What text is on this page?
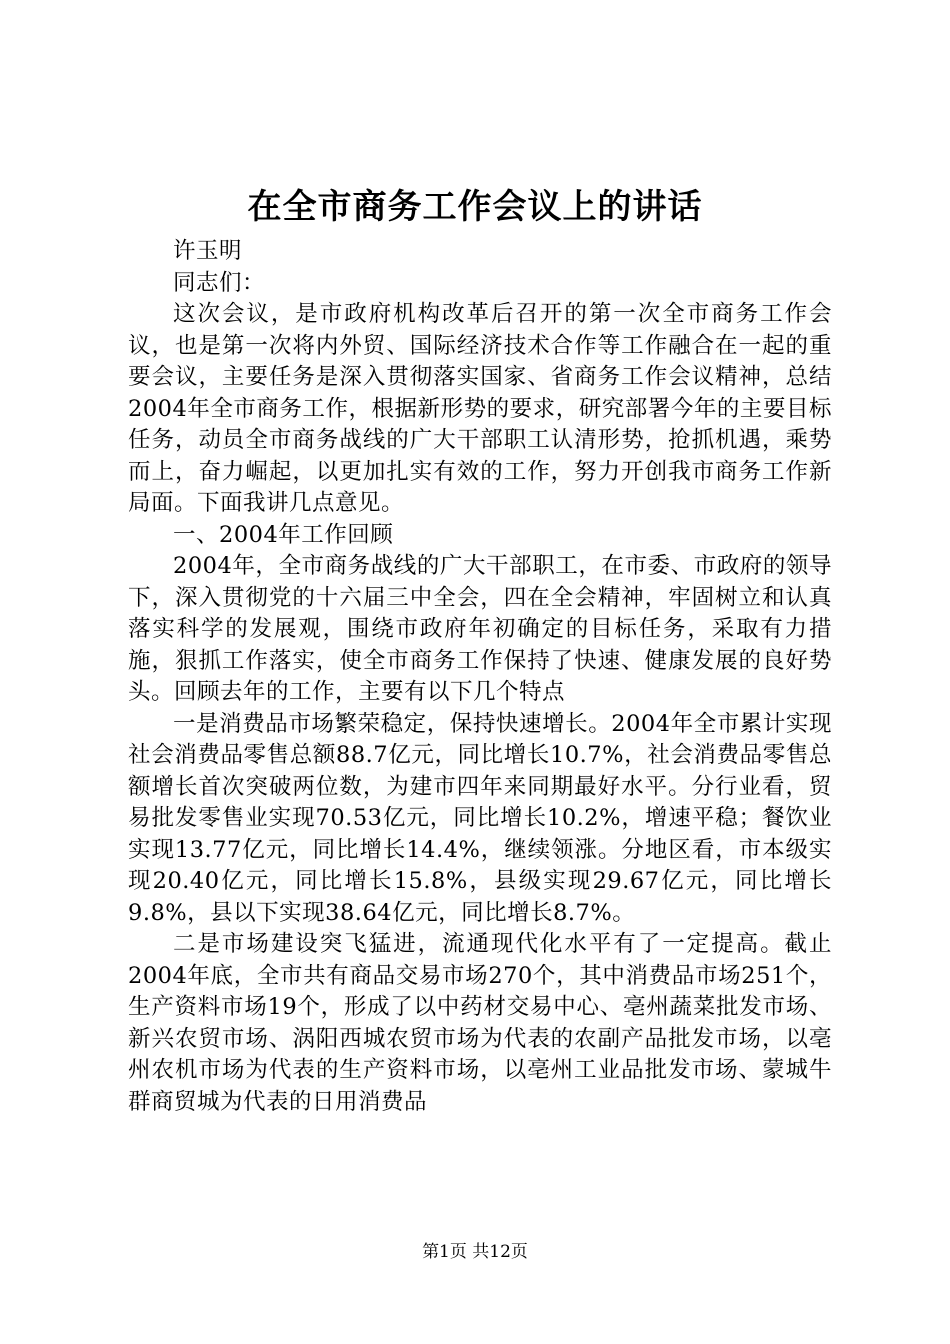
在全市商务工作会议上的讲话

许玉明

同志们：

这次会议，是市政府机构改革后召开的第一次全市商务工作会议，也是第一次将内外贸、国际经济技术合作等工作融合在一起的重要会议，主要任务是深入贯彻落实国家、省商务工作会议精神，总结2004年全市商务工作，根据新形势的要求，研究部署今年的主要目标任务，动员全市商务战线的广大干部职工认清形势，抢抓机遇，乘势而上，奋力崛起，以更加扎实有效的工作，努力开创我市商务工作新局面。下面我讲几点意见。

一、2004年工作回顾

2004年，全市商务战线的广大干部职工，在市委、市政府的领导下，深入贯彻党的十六届三中全会，四在全会精神，牢固树立和认真落实科学的发展观，围绕市政府年初确定的目标任务，采取有力措施，狠抓工作落实，使全市商务工作保持了快速、健康发展的良好势头。回顾去年的工作，主要有以下几个特点

一是消费品市场繁荣稳定，保持快速增长。2004年全市累计实现社会消费品零售总额88.7亿元，同比增长10.7%，社会消费品零售总额增长首次突破两位数，为建市四年来同期最好水平。分行业看，贸易批发零售业实现70.53亿元，同比增长10.2%，增速平稳；餐饮业实现13.77亿元，同比增长14.4%，继续领涨。分地区看，市本级实现20.40亿元，同比增长15.8%，县级实现29.67亿元，同比增长9.8%，县以下实现38.64亿元，同比增长8.7%。

二是市场建设突飞猛进，流通现代化水平有了一定提高。截止2004年底，全市共有商品交易市场270个，其中消费品市场251个，生产资料市场19个，形成了以中药材交易中心、亳州蔬菜批发市场、新兴农贸市场、涡阳西城农贸市场为代表的农副产品批发市场，以亳州农机市场为代表的生产资料市场，以亳州工业品批发市场、蒙城牛群商贸城为代表的日用消费品

第1页 共12页
